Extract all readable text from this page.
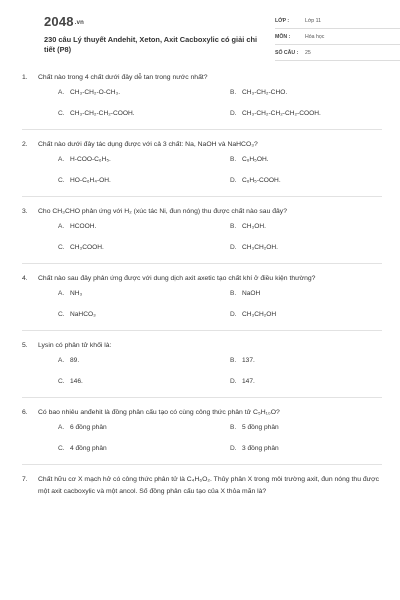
2048.vn
230 câu Lý thuyết Andehit, Xeton, Axit Cacboxylic có giải chi tiết (P8)
LỚP :	Lớp 11
MÔN :	Hóa học
SỐ CÂU : 25
1. Chất nào trong 4 chất dưới đây dễ tan trong nước nhất?
A. CH₃-CH₂-O-CH₃.	B. CH₃-CH₂-CHO.
C. CH₃-CH₂-CH₂-COOH.	D. CH₃-CH₂-CH₂-CH₂-COOH.
2. Chất nào dưới đây tác dụng được với cả 3 chất: Na, NaOH và NaHCO₃?
A. H-COO-C₆H₅.	B. C₆H₅OH.
C. HO-C₆H₄-OH.	D. C₆H₅-COOH.
3. Cho CH₃CHO phản ứng với H₂ (xúc tác Ni, đun nóng) thu được chất nào sau đây?
A. HCOOH.	B. CH₃OH.
C. CH₃COOH.	D. CH₃CH₂OH.
4. Chất nào sau đây phản ứng được với dung dịch axit axetic tạo chất khí ở điều kiện thường?
A. NH₃	B. NaOH
C. NaHCO₃	D. CH₃CH₂OH
5. Lysin có phân tử khối là:
A. 89.	B. 137.
C. 146.	D. 147.
6. Có bao nhiêu anđehit là đồng phân cấu tạo có cùng công thức phân tử C₅H₁₀O?
A. 6 đồng phân	B. 5 đồng phân
C. 4 đồng phân	D. 3 đồng phân
7. Chất hữu cơ X mạch hở có công thức phân tử là C₄H₆O₂. Thủy phân X trong môi trường axit, đun nóng thu được một axit cacboxylic và một ancol. Số đồng phân cấu tạo của X thỏa mãn là?
